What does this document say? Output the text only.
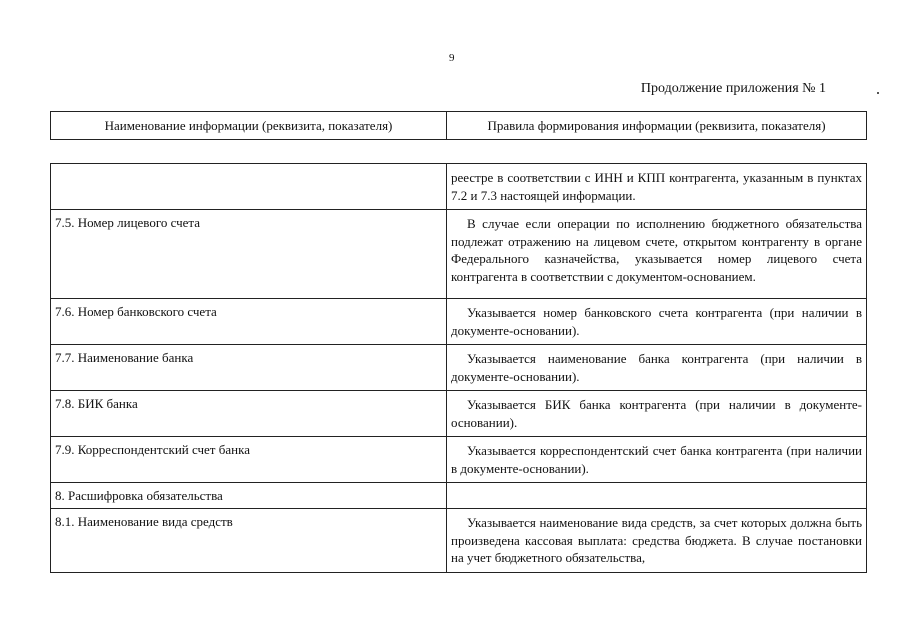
9
Продолжение приложения № 1
Наименование информации (реквизита, показателя)	Правила формирования информации (реквизита, показателя)
	реестре в соответствии с ИНН и КПП контрагента, указанным в пунктах 7.2 и 7.3 настоящей информации.
7.5. Номер лицевого счета	В случае если операции по исполнению бюджетного обязательства подлежат отражению на лицевом счете, открытом контрагенту в органе Федерального казначейства, указывается номер лицевого счета контрагента в соответствии с документом-основанием.
7.6. Номер банковского счета	Указывается номер банковского счета контрагента (при наличии в документе-основании).
7.7. Наименование банка	Указывается наименование банка контрагента (при наличии в документе-основании).
7.8. БИК банка	Указывается БИК банка контрагента (при наличии в документе-основании).
7.9. Корреспондентский счет банка	Указывается корреспондентский счет банка контрагента (при наличии в документе-основании).
8. Расшифровка обязательства	
8.1. Наименование вида средств	Указывается наименование вида средств, за счет которых должна быть произведена кассовая выплата: средства бюджета. В случае постановки на учет бюджетного обязательства,
